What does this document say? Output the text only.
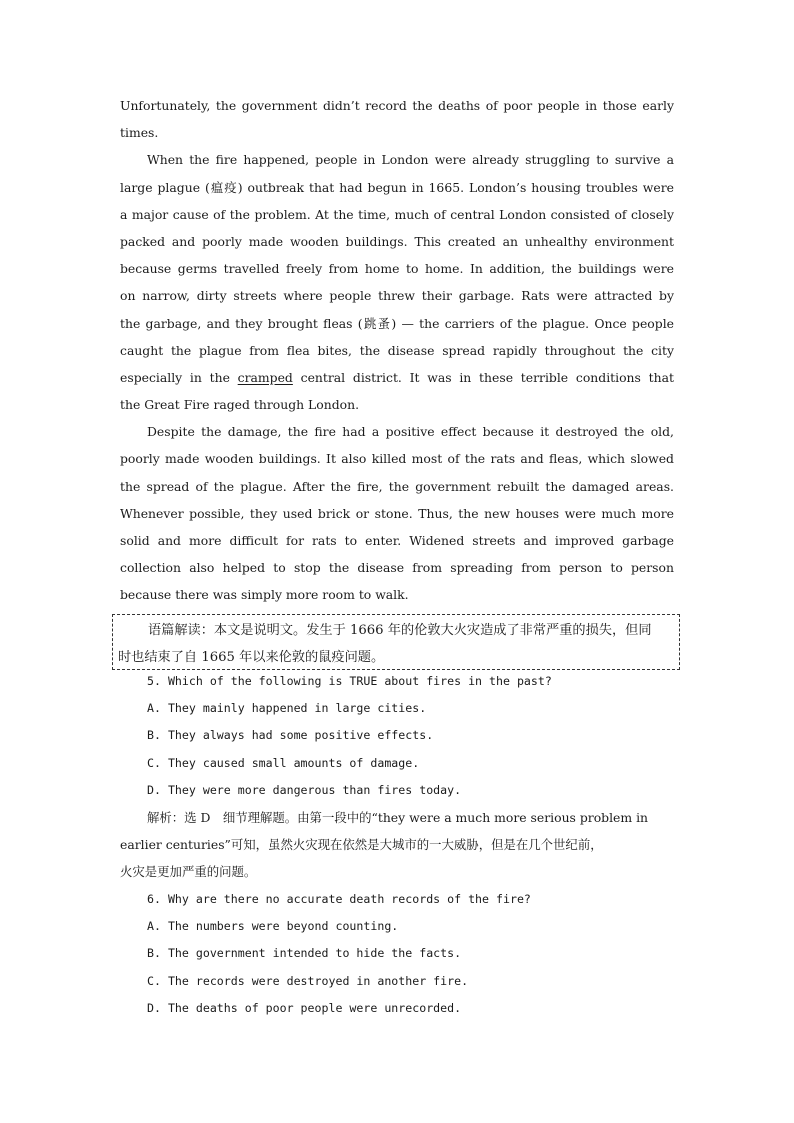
Unfortunately, the government didn’t record the deaths of poor people in those early
times.
When the fire happened, people in London were already struggling to survive a
large plague (瘟疫) outbreak that had begun in 1665. London’s housing troubles were
a major cause of the problem. At the time, much of central London consisted of closely
packed and poorly made wooden buildings. This created an unhealthy environment
because germs travelled freely from home to home. In addition, the buildings were
on narrow, dirty streets where people threw their garbage. Rats were attracted by
the garbage, and they brought fleas (跳蚤) — the carriers of the plague. Once people
caught the plague from flea bites, the disease spread rapidly throughout the city
especially in the cramped central district. It was in these terrible conditions that
the Great Fire raged through London.
Despite the damage, the fire had a positive effect because it destroyed the old,
poorly made wooden buildings. It also killed most of the rats and fleas, which slowed
the spread of the plague. After the fire, the government rebuilt the damaged areas.
Whenever possible, they used brick or stone. Thus, the new houses were much more
solid and more difficult for rats to enter. Widened streets and improved garbage
collection also helped to stop the disease from spreading from person to person
because there was simply more room to walk.
语篇解读：本文是说明文。发生于 1666 年的伦敦大火灾造成了非常严重的损失，但同
时也结束了自 1665 年以来伦敦的鼠疫问题。
5. Which of the following is TRUE about fires in the past?
A. They mainly happened in large cities.
B. They always had some positive effects.
C. They caused small amounts of damage.
D. They were more dangerous than fires today.
解析：选 D　细节理解题。由第一段中的“they were a much more serious problem in
earlier centuries”可知，虽然火灾现在依然是大城市的一大威胁，但是在几个世纪前，
火灾是更加严重的问题。
6. Why are there no accurate death records of the fire?
A. The numbers were beyond counting.
B. The government intended to hide the facts.
C. The records were destroyed in another fire.
D. The deaths of poor people were unrecorded.
